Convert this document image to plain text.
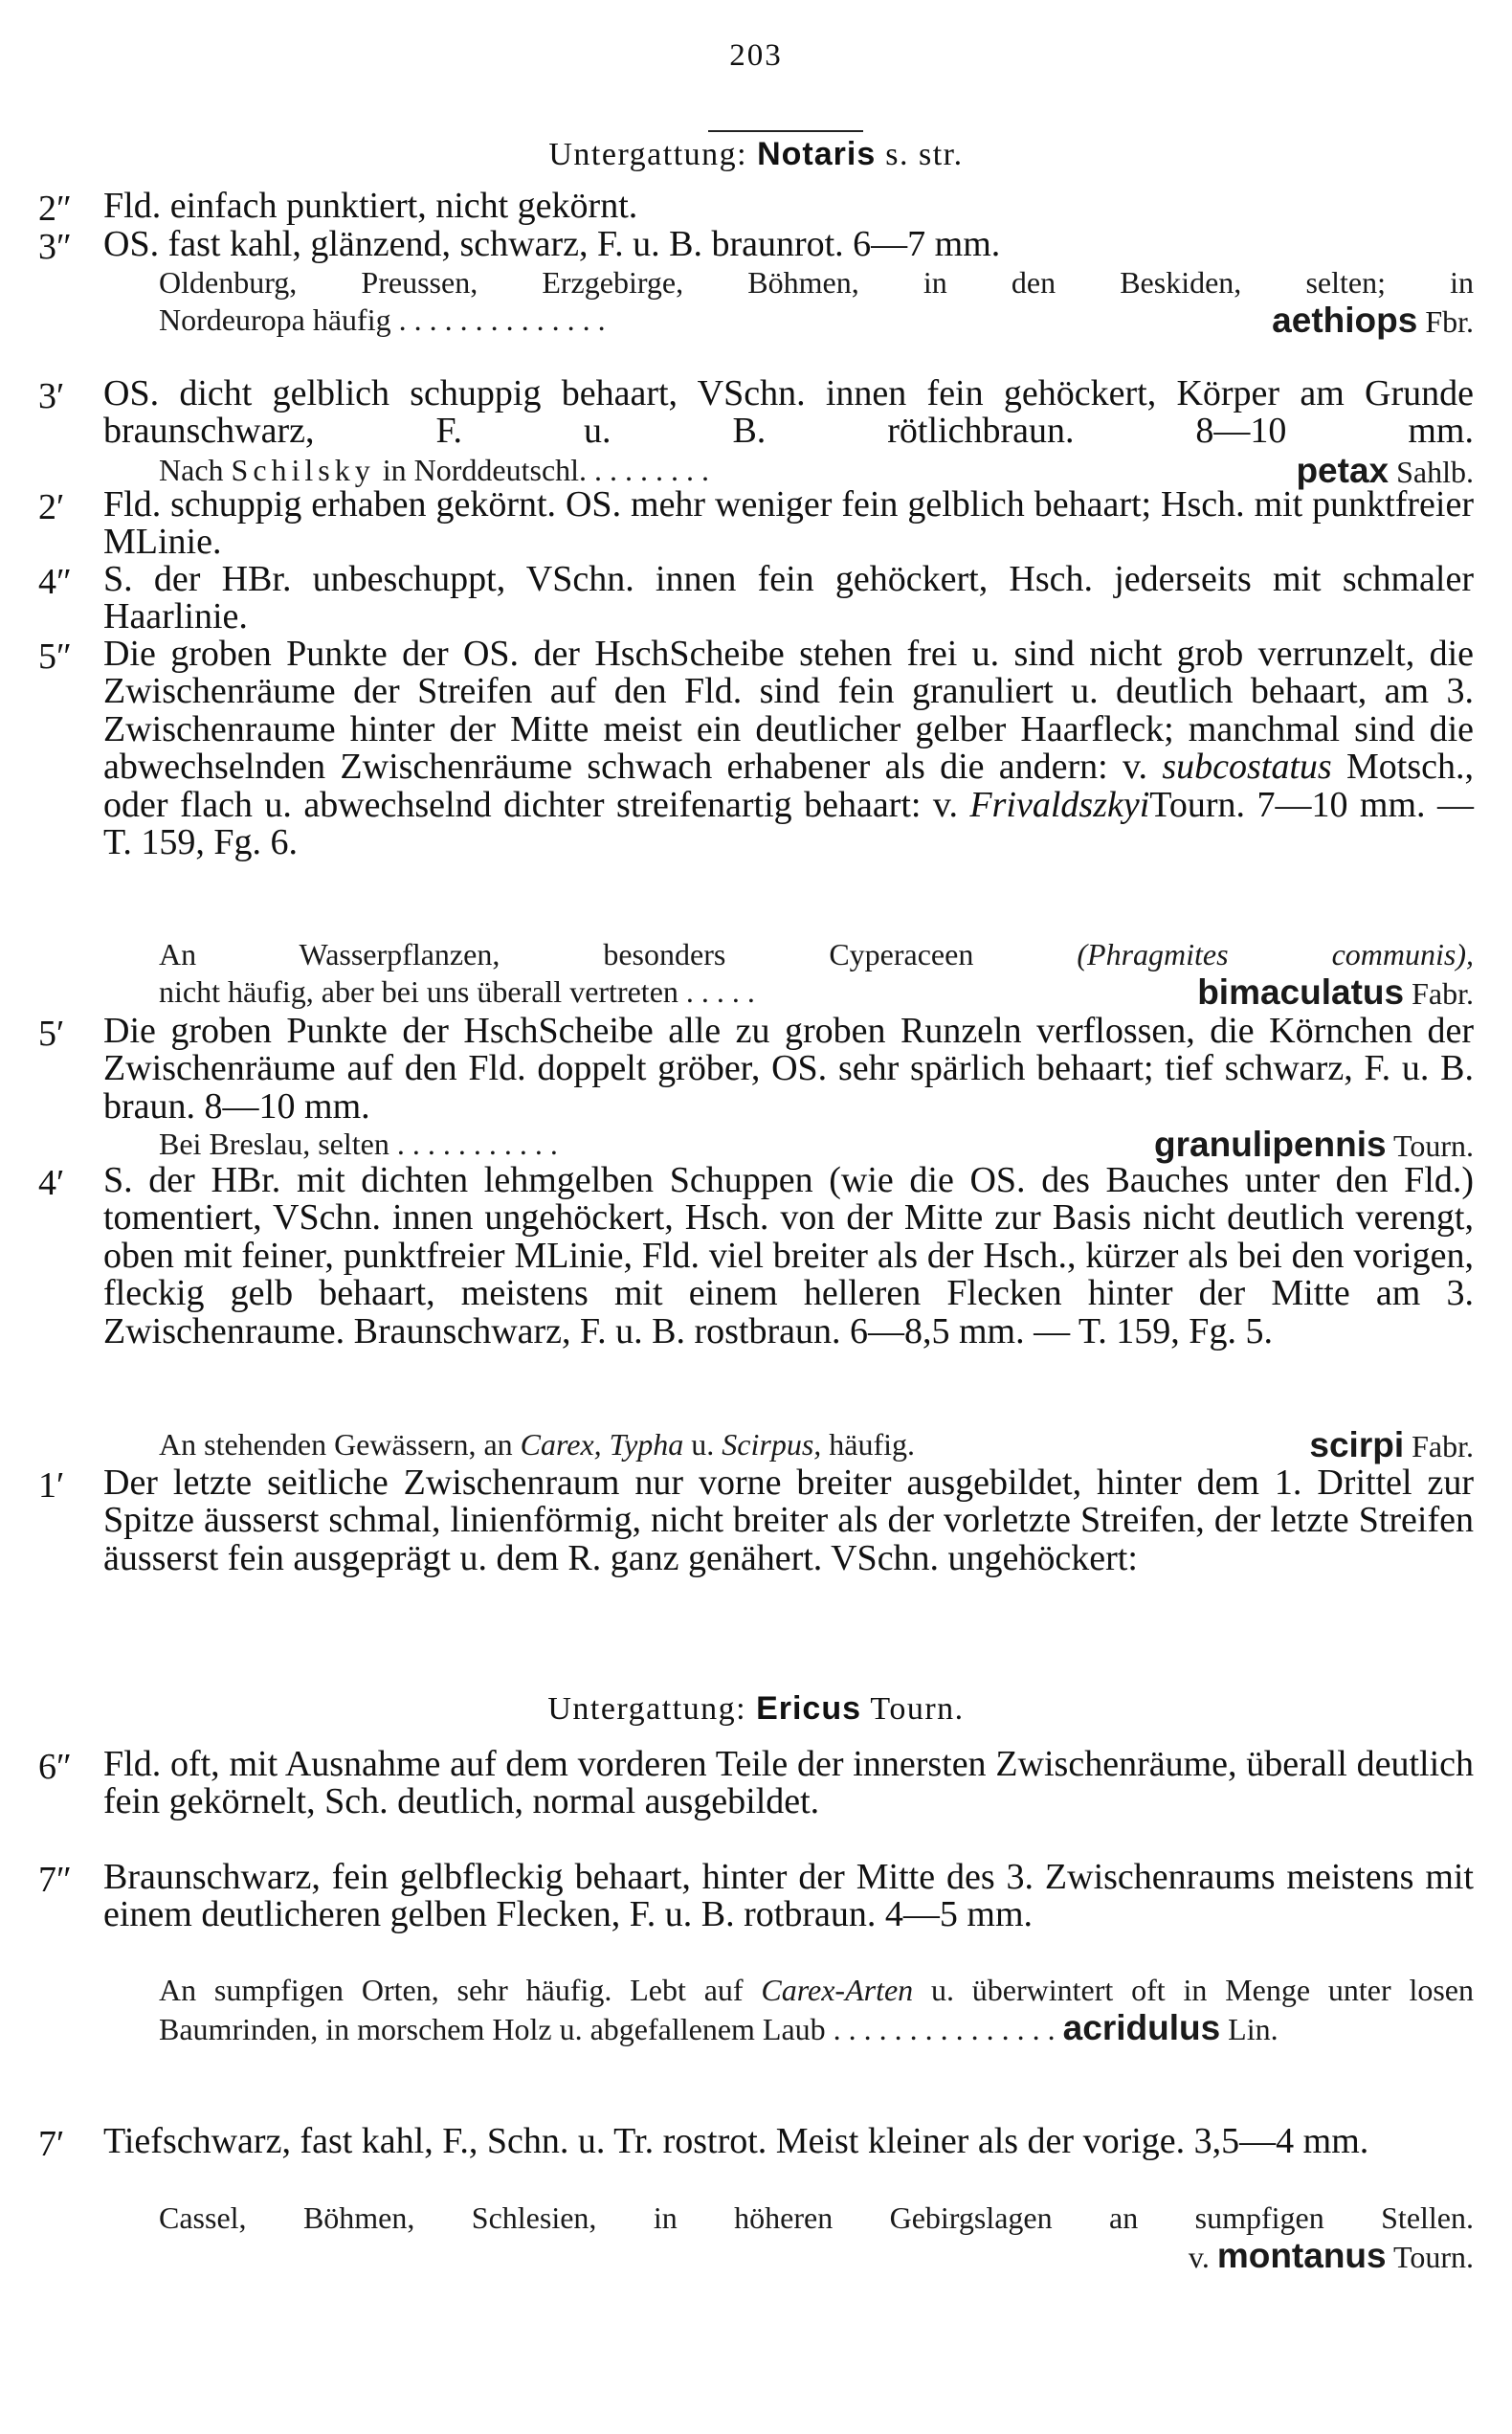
203
Untergattung: Notaris s. str.
2″ Fld. einfach punktiert, nicht gekörnt.
3″ OS. fast kahl, glänzend, schwarz, F. u. B. braunrot. 6—7 mm.
Oldenburg, Preussen, Erzgebirge, Böhmen, in den Beskiden, selten; in
Nordeuropa häufig . . . . . . . . . . . . . .	aethiops Fbr.
3′	OS. dicht gelblich schuppig behaart, VSchn. innen fein gehöckert, Körper am Grunde braunschwarz, F. u. B. rötlichbraun. 8—10 mm.
Nach Schilsky in Norddeutschl. . . . . . . . .	petax Sahlb.
2′	Fld. schuppig erhaben gekörnt. OS. mehr weniger fein gelblich behaart; Hsch. mit punktfreier MLinie.
4″ S. der HBr. unbeschuppt, VSchn. innen fein gehöckert, Hsch. jederseits mit schmaler Haarlinie.
5″ Die groben Punkte der OS. der HschScheibe stehen frei u. sind nicht grob verrunzelt, die Zwischenräume der Streifen auf den Fld. sind fein granuliert u. deutlich behaart, am 3. Zwischenraume hinter der Mitte meist ein deutlicher gelber Haarfleck; manchmal sind die abwechselnden Zwischenräume schwach erhabener als die andern: v. subcostatus Motsch., oder flach u. abwechselnd dichter streifenartig behaart: v. FrivaldszkyiTourn. 7—10 mm. — T. 159, Fg. 6.
An Wasserpflanzen, besonders Cyperaceen	(Phragmites communis),
nicht häufig, aber bei uns überall vertreten . . . . .	bimaculatus Fabr.
5′	Die groben Punkte der HschScheibe alle zu groben Runzeln verflossen, die Körnchen der Zwischenräume auf den Fld. doppelt gröber, OS. sehr spärlich behaart; tief schwarz, F. u. B. braun. 8—10 mm.
Bei Breslau, selten . . . . . . . . . . .	granulipennis Tourn.
4′	S. der HBr. mit dichten lehmgelben Schuppen (wie die OS. des Bauches unter den Fld.) tomentiert, VSchn. innen ungehöckert, Hsch. von der Mitte zur Basis nicht deutlich verengt, oben mit feiner, punktfreier MLinie, Fld. viel breiter als der Hsch., kürzer als bei den vorigen, fleckig gelb behaart, meistens mit einem helleren Flecken hinter der Mitte am 3. Zwischenraume. Braunschwarz, F. u. B. rostbraun. 6—8,5 mm. — T. 159, Fg. 5.
An stehenden Gewässern, an Carex, Typha u. Scirpus, häufig.	scirpi Fabr.
1′	Der letzte seitliche Zwischenraum nur vorne breiter ausgebildet, hinter dem 1. Drittel zur Spitze äusserst schmal, linienförmig, nicht breiter als der vorletzte Streifen, der letzte Streifen äusserst fein ausgeprägt u. dem R. ganz genähert. VSchn. ungehöckert:
Untergattung: Ericus Tourn.
6″ Fld. oft, mit Ausnahme auf dem vorderen Teile der innersten Zwischenräume, überall deutlich fein gekörnelt, Sch. deutlich, normal ausgebildet.
7″ Braunschwarz, fein gelbfleckig behaart, hinter der Mitte des 3. Zwischenraums meistens mit einem deutlicheren gelben Flecken, F. u. B. rotbraun. 4—5 mm.
An sumpfigen Orten, sehr häufig. Lebt auf Carex-Arten u. überwintert oft in Menge unter losen Baumrinden, in morschem Holz u. abgefallenem Laub . . . . . . . . . . . . . . . acridulus Lin.
7′	Tiefschwarz, fast kahl, F., Schn. u. Tr. rostrot. Meist kleiner als der vorige. 3,5—4 mm.
Cassel, Böhmen, Schlesien, in höheren Gebirgslagen an sumpfigen Stellen.
v. montanus Tourn.
